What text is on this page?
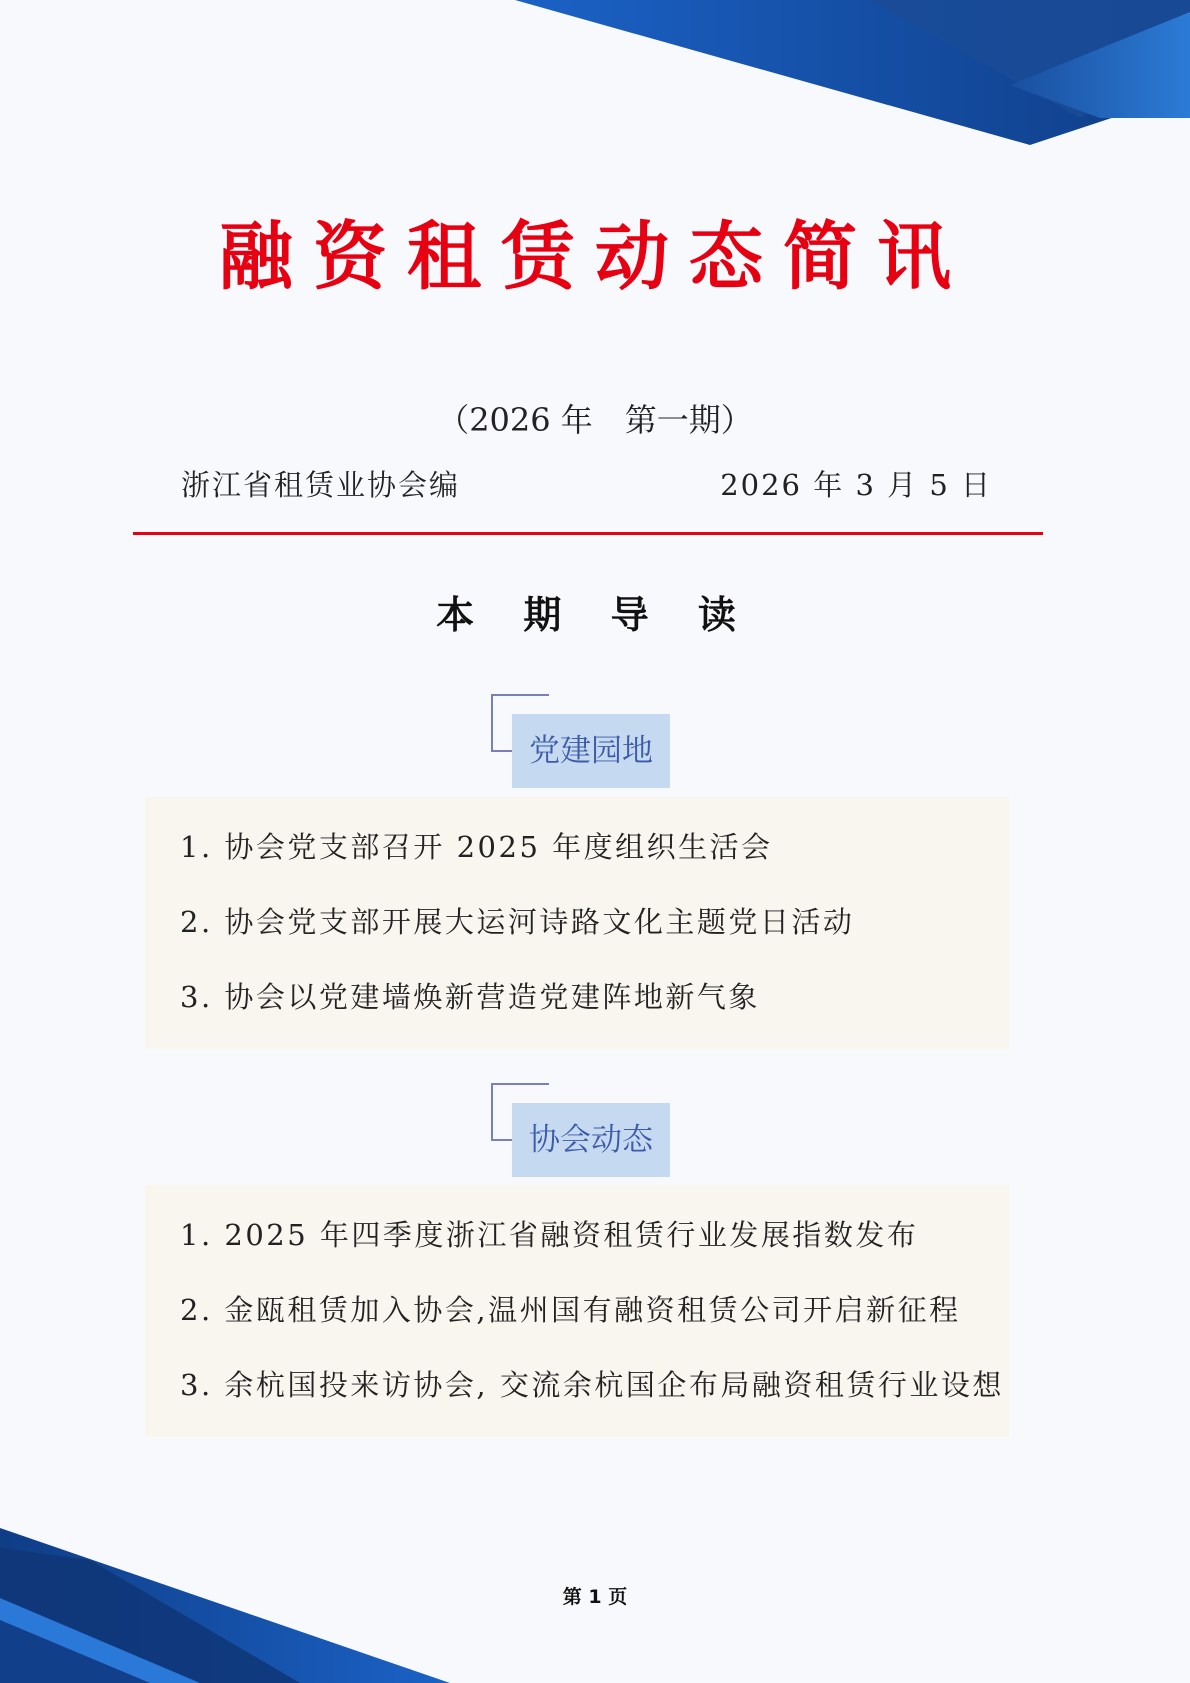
融资租赁动态简讯
（2026 年　第一期）
浙江省租赁业协会编	2026 年 3 月 5 日
本 期 导 读
党建园地
1. 协会党支部召开 2025 年度组织生活会
2. 协会党支部开展大运河诗路文化主题党日活动
3. 协会以党建墙焕新营造党建阵地新气象
协会动态
1. 2025 年四季度浙江省融资租赁行业发展指数发布
2. 金瓯租赁加入协会,温州国有融资租赁公司开启新征程
3. 余杭国投来访协会, 交流余杭国企布局融资租赁行业设想
第 1 页
